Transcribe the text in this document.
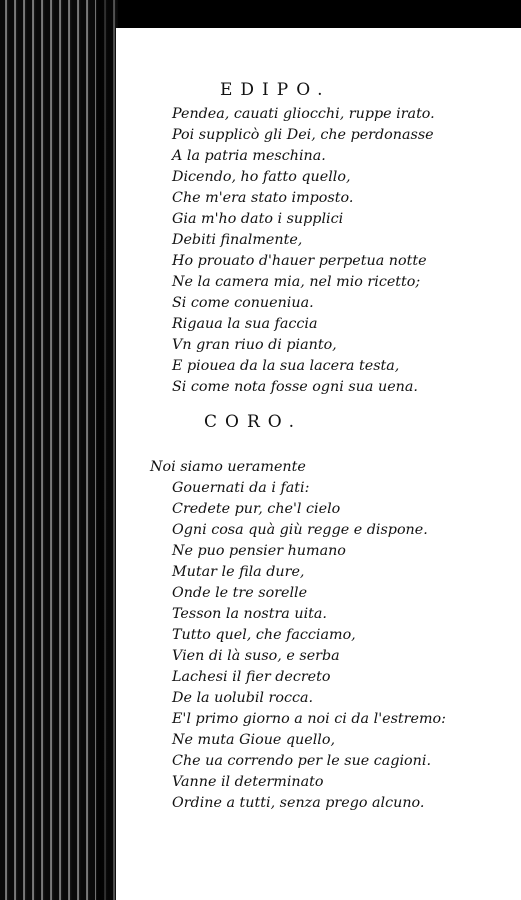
EDIPO.
Pendea, cauati gliocchi, ruppe irato.
Poi supplicò gli Dei, che perdonasse
A la patria meschina.
Dicendo, ho fatto quello,
Che m'era stato imposto.
Gia m'ho dato i supplici
Debiti finalmente,
Ho prouato d'hauer perpetua notte
Ne la camera mia, nel mio ricetto;
Si come conueniua.
Rigaua la sua faccia
Vn gran riuo di pianto,
E piouea da la sua lacera testa,
Si come nota fosse ogni sua uena.
CORO.
Noi siamo ueramente
Gouernati da i fati:
Credete pur, che'l cielo
Ogni cosa quà giù regge e dispone.
Ne puo pensier humano
Mutar le fila dure,
Onde le tre sorelle
Tesson la nostra uita.
Tutto quel, che facciamo,
Vien di là suso, e serba
Lachesi il fier decreto
De la uolubil rocca.
E'l primo giorno a noi ci da l'estremo:
Ne muta Gioue quello,
Che ua correndo per le sue cagioni.
Vanne il determinato
Ordine a tutti, senza prego alcuno.
